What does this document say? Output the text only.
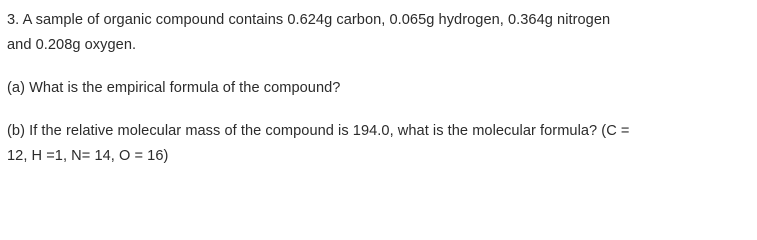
3. A sample of organic compound contains 0.624g carbon, 0.065g hydrogen, 0.364g nitrogen
and 0.208g oxygen.
(a) What is the empirical formula of the compound?
(b) If the relative molecular mass of the compound is 194.0, what is the molecular formula? (C =
12, H =1, N= 14, O = 16)
